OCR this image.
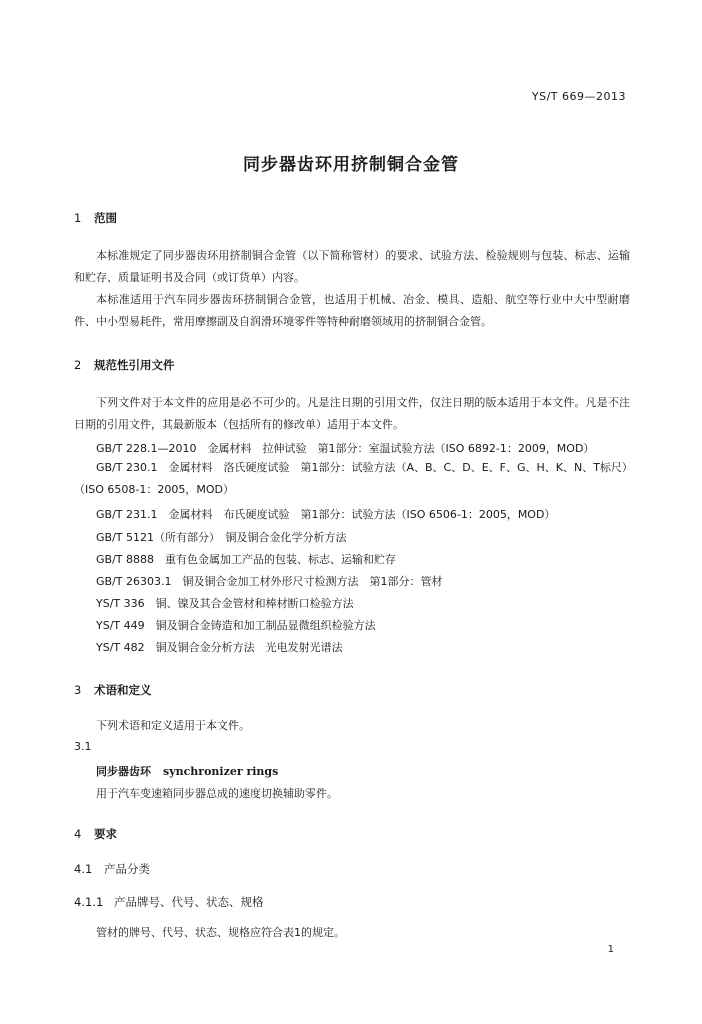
YS/T 669—2013
同步器齿环用挤制铜合金管
1 范围
本标准规定了同步器齿环用挤制铜合金管（以下简称管材）的要求、试验方法、检验规则与包装、标志、运输和贮存、质量证明书及合同（或订货单）内容。
本标准适用于汽车同步器齿环挤制铜合金管，也适用于机械、冶金、模具、造船、航空等行业中大中型耐磨件、中小型易耗件，常用摩擦副及自润滑环境零件等特种耐磨领域用的挤制铜合金管。
2 规范性引用文件
下列文件对于本文件的应用是必不可少的。凡是注日期的引用文件，仅注日期的版本适用于本文件。凡是不注日期的引用文件，其最新版本（包括所有的修改单）适用于本文件。
GB/T 228.1—2010　金属材料　拉伸试验　第1部分：室温试验方法（ISO 6892-1：2009，MOD）
GB/T 230.1　金属材料　洛氏硬度试验　第1部分：试验方法（A、B、C、D、E、F、G、H、K、N、T标尺）（ISO 6508-1：2005，MOD）
GB/T 231.1　金属材料　布氏硬度试验　第1部分：试验方法（ISO 6506-1：2005，MOD）
GB/T 5121（所有部分）　铜及铜合金化学分析方法
GB/T 8888　重有色金属加工产品的包装、标志、运输和贮存
GB/T 26303.1　铜及铜合金加工材外形尺寸检测方法　第1部分：管材
YS/T 336　铜、镍及其合金管材和棒材断口检验方法
YS/T 449　铜及铜合金铸造和加工制品显微组织检验方法
YS/T 482　铜及铜合金分析方法　光电发射光谱法
3 术语和定义
下列术语和定义适用于本文件。
3.1
同步器齿环 synchronizer rings
用于汽车变速箱同步器总成的速度切换辅助零件。
4 要求
4.1 产品分类
4.1.1 产品牌号、代号、状态、规格
管材的牌号、代号、状态、规格应符合表1的规定。
1
